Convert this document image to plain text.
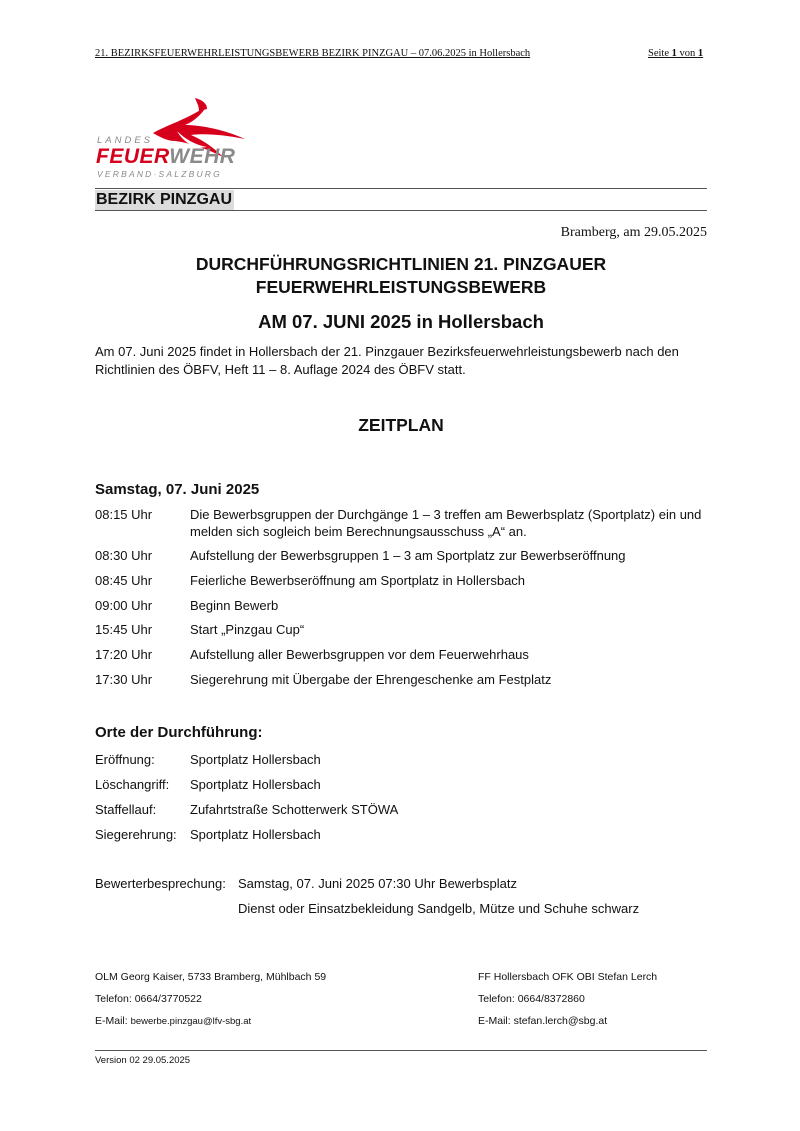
21. BEZIRKSFEUERWEHRLEISTUNGSBEWERB BEZIRK PINZGAU – 07.06.2025 in Hollersbach	Seite 1 von 1
LANDES
FEUERWEHR
VERBAND·SALZBURG
BEZIRK PINZGAU
Bramberg, am 29.05.2025
DURCHFÜHRUNGSRICHTLINIEN 21. PINZGAUER
FEUERWEHRLEISTUNGSBEWERB
AM 07. JUNI 2025 in Hollersbach
Am 07. Juni 2025 findet in Hollersbach der 21. Pinzgauer Bezirksfeuerwehrleistungsbewerb nach den Richtlinien des ÖBFV, Heft 11 – 8. Auflage 2024 des ÖBFV statt.
ZEITPLAN
Samstag, 07. Juni 2025
08:15 Uhr	Die Bewerbsgruppen der Durchgänge 1 – 3 treffen am Bewerbsplatz (Sportplatz) ein und melden sich sogleich beim Berechnungsausschuss „A“ an.
08:30 Uhr	Aufstellung der Bewerbsgruppen 1 – 3 am Sportplatz zur Bewerbseröffnung
08:45 Uhr	Feierliche Bewerbseröffnung am Sportplatz in Hollersbach
09:00 Uhr	Beginn Bewerb
15:45 Uhr	Start „Pinzgau Cup“
17:20 Uhr	Aufstellung aller Bewerbsgruppen vor dem Feuerwehrhaus
17:30 Uhr	Siegerehrung mit Übergabe der Ehrengeschenke am Festplatz
Orte der Durchführung:
Eröffnung:	Sportplatz Hollersbach
Löschangriff:	Sportplatz Hollersbach
Staffellauf:	Zufahrtstraße Schotterwerk STÖWA
Siegerehrung:	Sportplatz Hollersbach
Bewerterbesprechung: Samstag, 07. Juni 2025 07:30 Uhr Bewerbsplatz
Dienst oder Einsatzbekleidung Sandgelb, Mütze und Schuhe schwarz
OLM Georg Kaiser, 5733 Bramberg, Mühlbach 59
Telefon: 0664/3770522
E-Mail: bewerbe.pinzgau@lfv-sbg.at
FF Hollersbach OFK OBI Stefan Lerch
Telefon: 0664/8372860
E-Mail: stefan.lerch@sbg.at
Version 02 29.05.2025
